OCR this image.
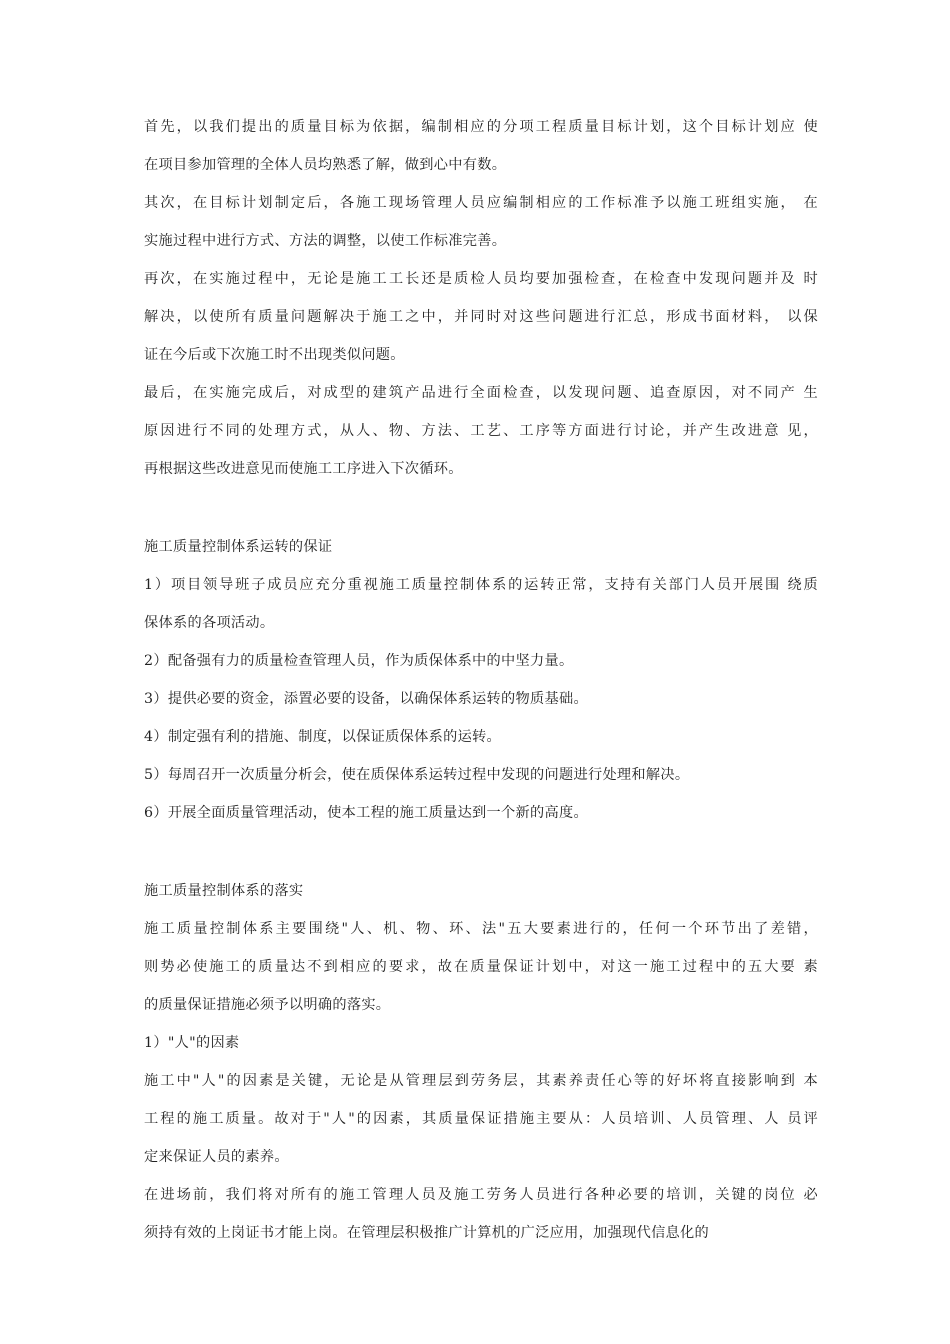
首先，以我们提出的质量目标为依据，编制相应的分项工程质量目标计划，这个目标计划应 使
在项目参加管理的全体人员均熟悉了解，做到心中有数。
其次，在目标计划制定后，各施工现场管理人员应编制相应的工作标准予以施工班组实施， 在
实施过程中进行方式、方法的调整，以使工作标准完善。
再次，在实施过程中，无论是施工工长还是质检人员均要加强检查，在检查中发现问题并及 时
解决，以使所有质量问题解决于施工之中，并同时对这些问题进行汇总，形成书面材料， 以保
证在今后或下次施工时不出现类似问题。
最后，在实施完成后，对成型的建筑产品进行全面检查，以发现问题、追查原因，对不同产 生
原因进行不同的处理方式，从人、物、方法、工艺、工序等方面进行讨论，并产生改进意 见，
再根据这些改进意见而使施工工序进入下次循环。
施工质量控制体系运转的保证
1）项目领导班子成员应充分重视施工质量控制体系的运转正常，支持有关部门人员开展围 绕质
保体系的各项活动。
2）配备强有力的质量检查管理人员，作为质保体系中的中坚力量。
3）提供必要的资金，添置必要的设备，以确保体系运转的物质基础。
4）制定强有利的措施、制度，以保证质保体系的运转。
5）每周召开一次质量分析会，使在质保体系运转过程中发现的问题进行处理和解决。
6）开展全面质量管理活动，使本工程的施工质量达到一个新的高度。
施工质量控制体系的落实
施工质量控制体系主要围绕"人、机、物、环、法"五大要素进行的，任何一个环节出了差错，
则势必使施工的质量达不到相应的要求，故在质量保证计划中，对这一施工过程中的五大要 素
的质量保证措施必须予以明确的落实。
1）"人"的因素
施工中"人"的因素是关键，无论是从管理层到劳务层，其素养责任心等的好坏将直接影响到 本
工程的施工质量。故对于"人"的因素，其质量保证措施主要从：人员培训、人员管理、人 员评
定来保证人员的素养。
在进场前，我们将对所有的施工管理人员及施工劳务人员进行各种必要的培训，关键的岗位 必
须持有效的上岗证书才能上岗。在管理层积极推广计算机的广泛应用，加强现代信息化的
